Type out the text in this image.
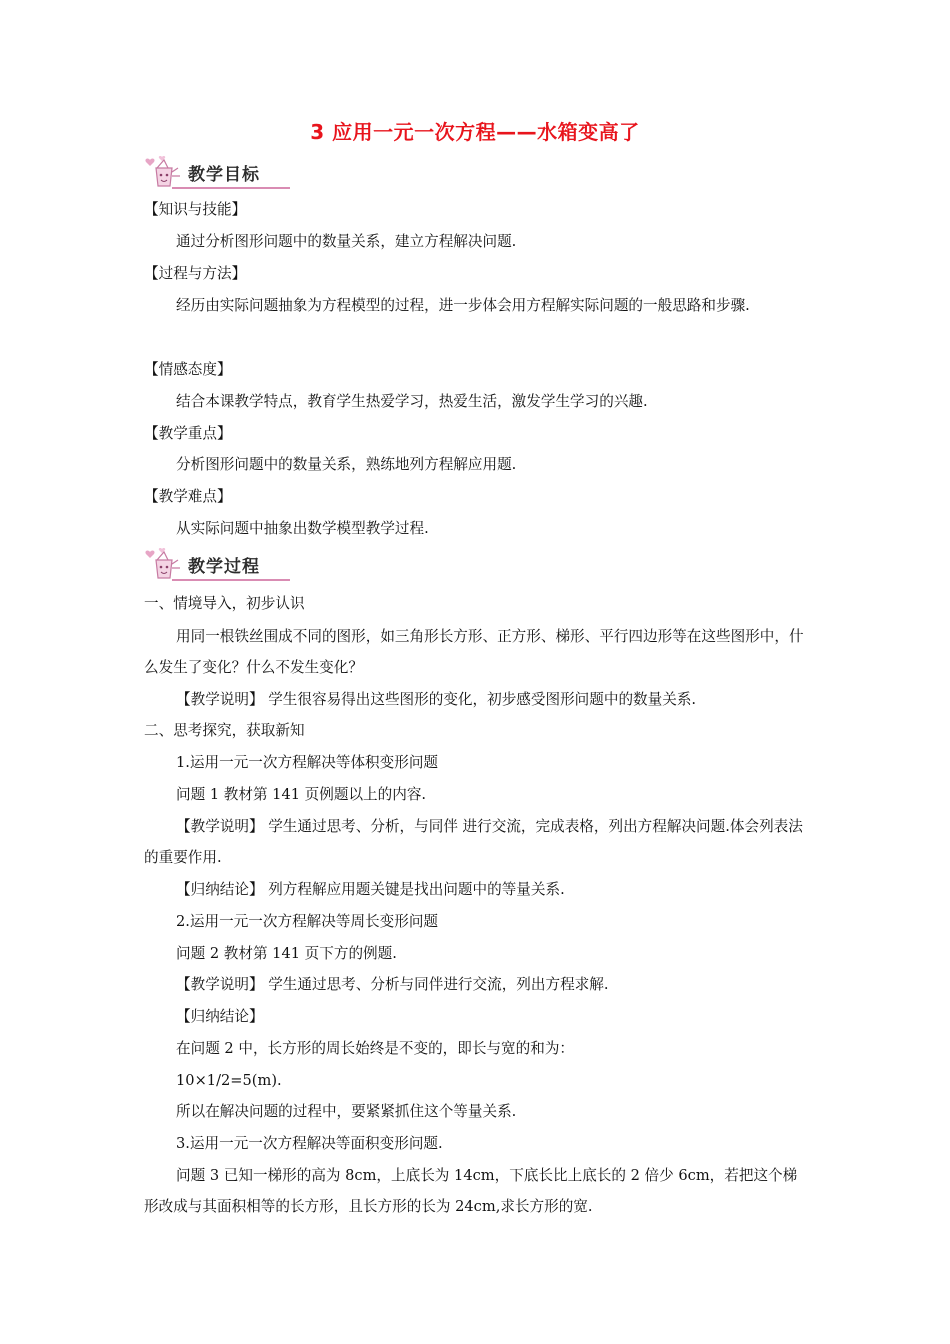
3 应用一元一次方程——水箱变高了
教学目标
【知识与技能】
通过分析图形问题中的数量关系，建立方程解决问题.
【过程与方法】
经历由实际问题抽象为方程模型的过程，进一步体会用方程解实际问题的一般思路和步骤.
【情感态度】
结合本课教学特点，教育学生热爱学习，热爱生活，激发学生学习的兴趣.
【教学重点】
分析图形问题中的数量关系，熟练地列方程解应用题.
【教学难点】
从实际问题中抽象出数学模型教学过程.
教学过程
一、情境导入，初步认识
用同一根铁丝围成不同的图形，如三角形长方形、正方形、梯形、平行四边形等在这些图形中，什么发生了变化？什么不发生变化？
【教学说明】 学生很容易得出这些图形的变化，初步感受图形问题中的数量关系.
二、思考探究，获取新知
1.运用一元一次方程解决等体积变形问题
问题 1 教材第 141 页例题以上的内容.
【教学说明】 学生通过思考、分析，与同伴 进行交流，完成表格，列出方程解决问题.体会列表法的重要作用.
【归纳结论】 列方程解应用题关键是找出问题中的等量关系.
2.运用一元一次方程解决等周长变形问题
问题 2 教材第 141 页下方的例题.
【教学说明】 学生通过思考、分析与同伴进行交流，列出方程求解.
【归纳结论】
在问题 2 中，长方形的周长始终是不变的，即长与宽的和为：
10×1/2=5(m).
所以在解决问题的过程中，要紧紧抓住这个等量关系.
3.运用一元一次方程解决等面积变形问题.
问题 3 已知一梯形的高为 8cm，上底长为 14cm，下底长比上底长的 2 倍少 6cm，若把这个梯形改成与其面积相等的长方形，且长方形的长为 24cm,求长方形的宽.
